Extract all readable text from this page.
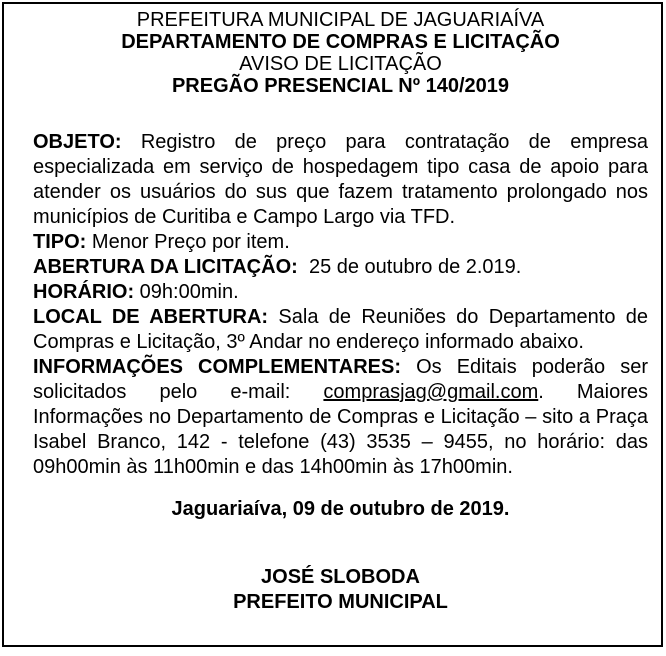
PREFEITURA MUNICIPAL DE JAGUARIAÍVA
DEPARTAMENTO DE COMPRAS E LICITAÇÃO
AVISO DE LICITAÇÃO
PREGÃO PRESENCIAL Nº 140/2019

OBJETO: Registro de preço para contratação de empresa especializada em serviço de hospedagem tipo casa de apoio para atender os usuários do sus que fazem tratamento prolongado nos municípios de Curitiba e Campo Largo via TFD.

TIPO: Menor Preço por item.

ABERTURA DA LICITAÇÃO: 25 de outubro de 2.019.

HORÁRIO: 09h:00min.

LOCAL DE ABERTURA: Sala de Reuniões do Departamento de Compras e Licitação, 3º Andar no endereço informado abaixo.

INFORMAÇÕES COMPLEMENTARES: Os Editais poderão ser solicitados pelo e-mail: comprasjag@gmail.com. Maiores Informações no Departamento de Compras e Licitação – sito a Praça Isabel Branco, 142 - telefone (43) 3535 – 9455, no horário: das 09h00min às 11h00min e das 14h00min às 17h00min.

Jaguariaíva, 09 de outubro de 2019.

JOSÉ SLOBODA
PREFEITO MUNICIPAL
